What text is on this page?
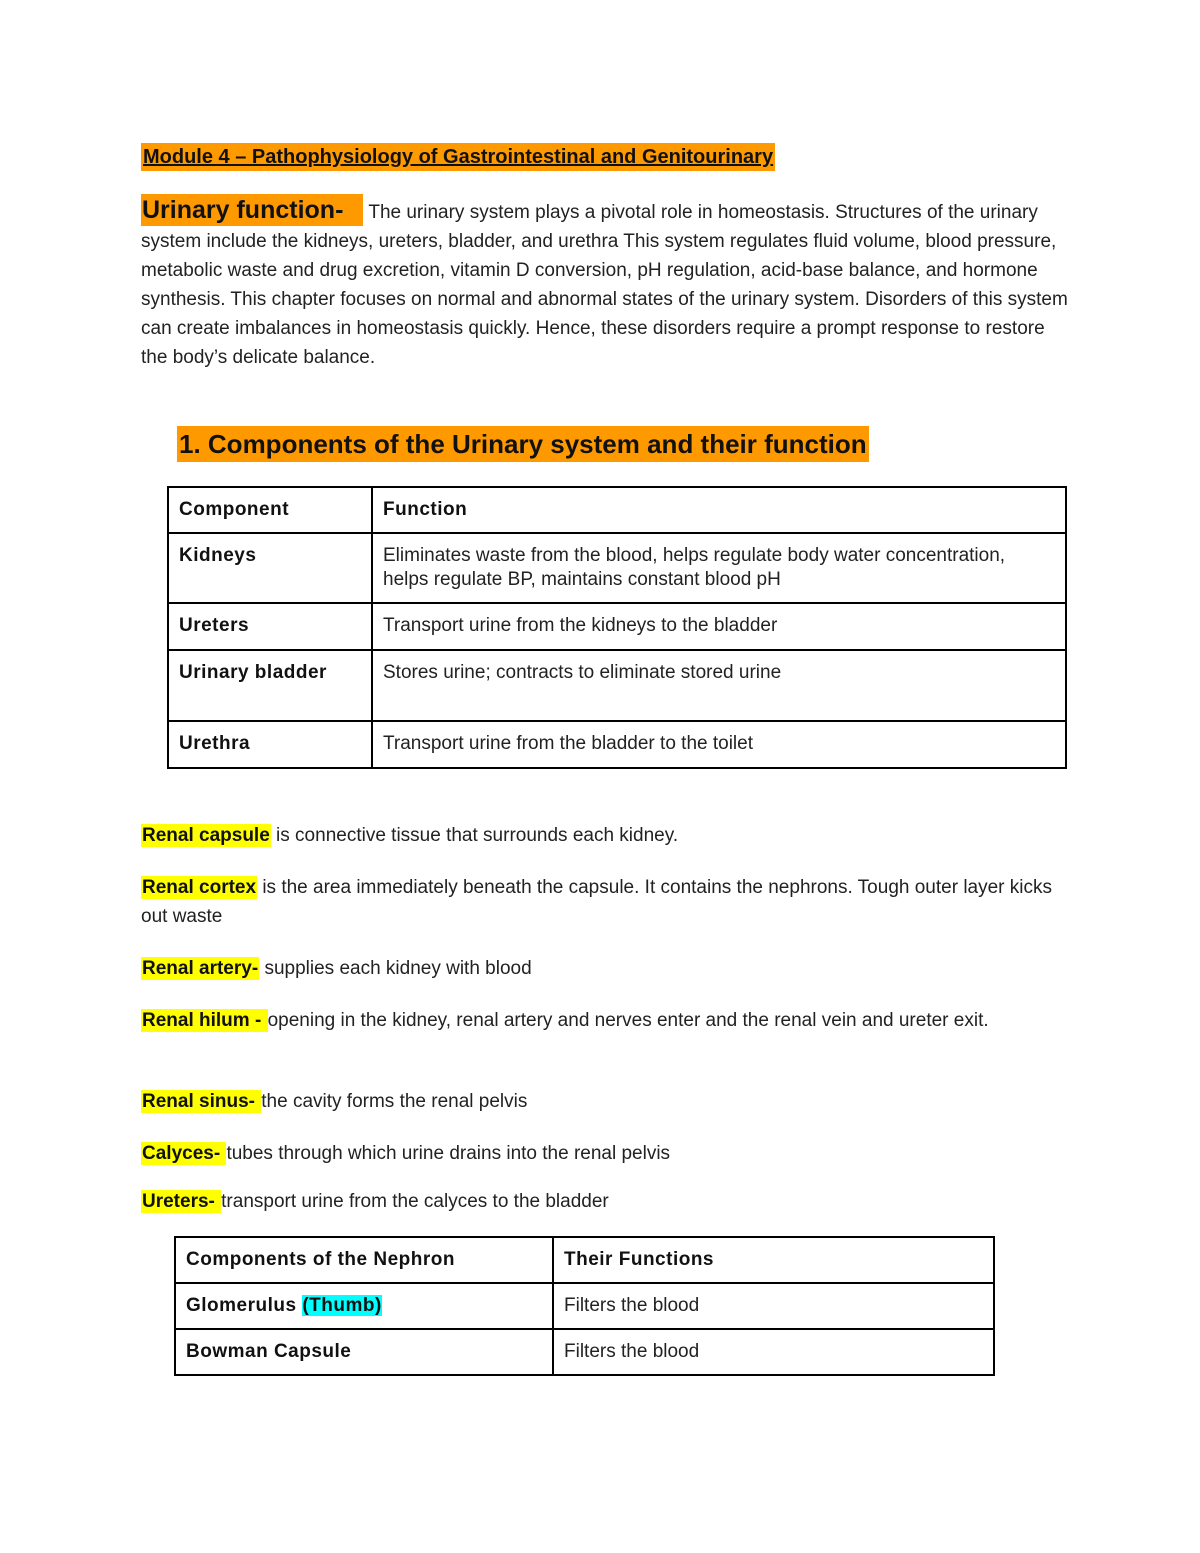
Module 4 – Pathophysiology of Gastrointestinal and Genitourinary
Urinary function- The urinary system plays a pivotal role in homeostasis. Structures of the urinary system include the kidneys, ureters, bladder, and urethra This system regulates fluid volume, blood pressure, metabolic waste and drug excretion, vitamin D conversion, pH regulation, acid-base balance, and hormone synthesis. This chapter focuses on normal and abnormal states of the urinary system. Disorders of this system can create imbalances in homeostasis quickly. Hence, these disorders require a prompt response to restore the body’s delicate balance.
1. Components of the Urinary system and their function
Component	Function
Kidneys	Eliminates waste from the blood, helps regulate body water concentration, helps regulate BP, maintains constant blood pH
Ureters	Transport urine from the kidneys to the bladder
Urinary bladder	Stores urine; contracts to eliminate stored urine
Urethra	Transport urine from the bladder to the toilet
Renal capsule is connective tissue that surrounds each kidney.
Renal cortex is the area immediately beneath the capsule. It contains the nephrons. Tough outer layer kicks out waste
Renal artery- supplies each kidney with blood
Renal hilum - opening in the kidney, renal artery and nerves enter and the renal vein and ureter exit.
Renal sinus- the cavity forms the renal pelvis
Calyces- tubes through which urine drains into the renal pelvis
Ureters- transport urine from the calyces to the bladder
Components of the Nephron	Their Functions
Glomerulus (Thumb)	Filters the blood
Bowman Capsule	Filters the blood
